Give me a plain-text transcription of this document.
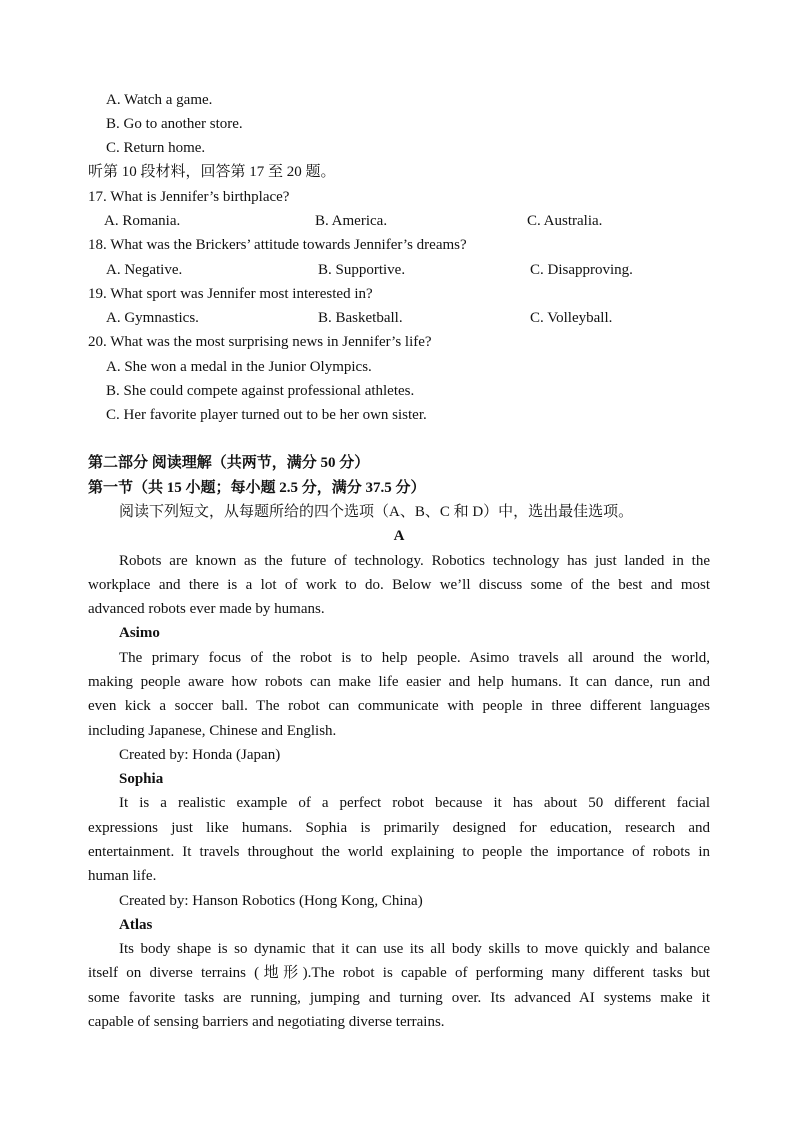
A. Watch a game.
B. Go to another store.
C. Return home.
听第 10 段材料，回答第 17 至 20 题。
17. What is Jennifer’s birthplace?
A. Romania.	B. America.	C. Australia.
18. What was the Brickers’ attitude towards Jennifer’s dreams?
A. Negative.	B. Supportive.	C. Disapproving.
19. What sport was Jennifer most interested in?
A. Gymnastics.	B. Basketball.	C. Volleyball.
20. What was the most surprising news in Jennifer’s life?
A. She won a medal in the Junior Olympics.
B. She could compete against professional athletes.
C. Her favorite player turned out to be her own sister.
第二部分 阅读理解（共两节，满分 50 分）
第一节（共 15 小题；每小题 2.5 分，满分 37.5 分）
阅读下列短文，从每题所给的四个选项（A、B、C 和 D）中，选出最佳选项。
A
Robots are known as the future of technology. Robotics technology has just landed in the
workplace and there is a lot of work to do. Below we’ll discuss some of the best and most
advanced robots ever made by humans.
Asimo
The primary focus of the robot is to help people. Asimo travels all around the world,
making people aware how robots can make life easier and help humans. It can dance, run and
even kick a soccer ball. The robot can communicate with people in three different languages
including Japanese, Chinese and English.
Created by: Honda (Japan)
Sophia
It is a realistic example of a perfect robot because it has about 50 different facial
expressions just like humans. Sophia is primarily designed for education, research and
entertainment. It travels throughout the world explaining to people the importance of robots in
human life.
Created by: Hanson Robotics (Hong Kong, China)
Atlas
Its body shape is so dynamic that it can use its all body skills to move quickly and balance
itself on diverse terrains (地形).The robot is capable of performing many different tasks but
some favorite tasks are running, jumping and turning over. Its advanced AI systems make it
capable of sensing barriers and negotiating diverse terrains.
